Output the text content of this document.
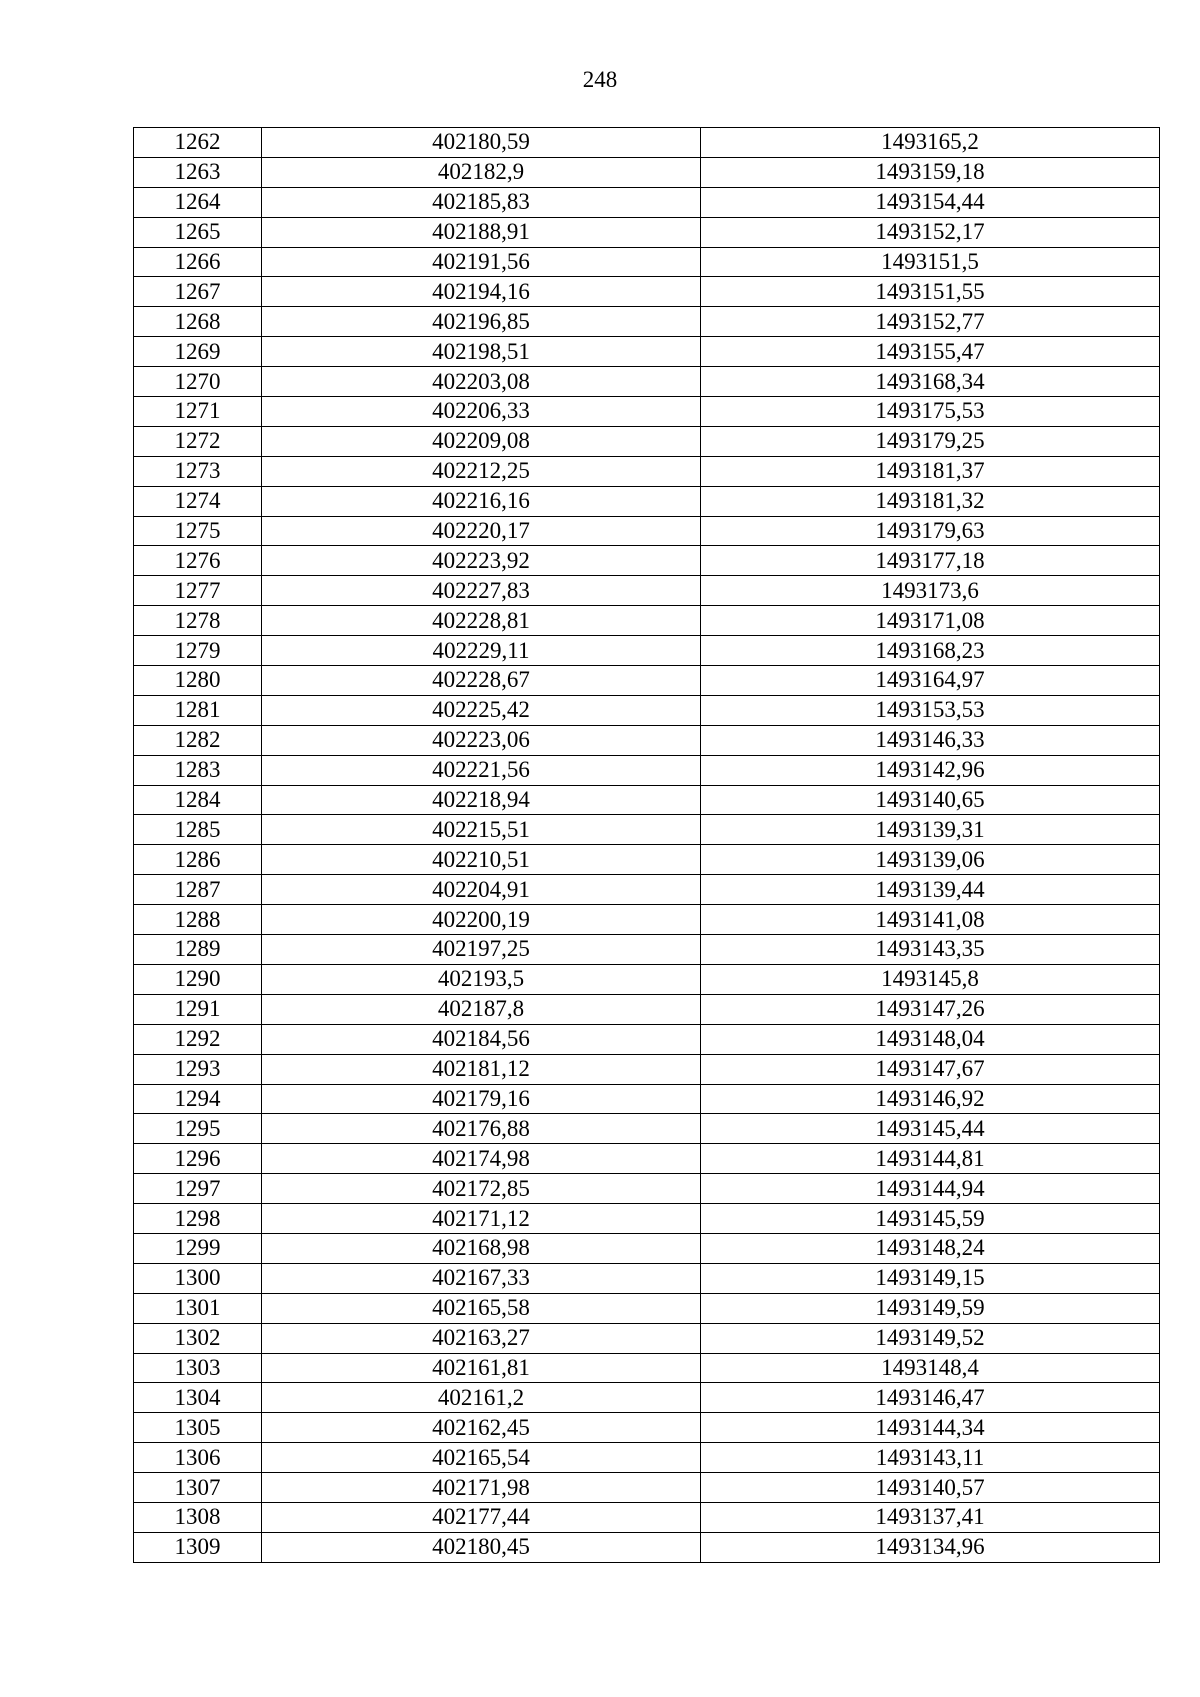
248
1262	402180,59	1493165,2
1263	402182,9	1493159,18
1264	402185,83	1493154,44
1265	402188,91	1493152,17
1266	402191,56	1493151,5
1267	402194,16	1493151,55
1268	402196,85	1493152,77
1269	402198,51	1493155,47
1270	402203,08	1493168,34
1271	402206,33	1493175,53
1272	402209,08	1493179,25
1273	402212,25	1493181,37
1274	402216,16	1493181,32
1275	402220,17	1493179,63
1276	402223,92	1493177,18
1277	402227,83	1493173,6
1278	402228,81	1493171,08
1279	402229,11	1493168,23
1280	402228,67	1493164,97
1281	402225,42	1493153,53
1282	402223,06	1493146,33
1283	402221,56	1493142,96
1284	402218,94	1493140,65
1285	402215,51	1493139,31
1286	402210,51	1493139,06
1287	402204,91	1493139,44
1288	402200,19	1493141,08
1289	402197,25	1493143,35
1290	402193,5	1493145,8
1291	402187,8	1493147,26
1292	402184,56	1493148,04
1293	402181,12	1493147,67
1294	402179,16	1493146,92
1295	402176,88	1493145,44
1296	402174,98	1493144,81
1297	402172,85	1493144,94
1298	402171,12	1493145,59
1299	402168,98	1493148,24
1300	402167,33	1493149,15
1301	402165,58	1493149,59
1302	402163,27	1493149,52
1303	402161,81	1493148,4
1304	402161,2	1493146,47
1305	402162,45	1493144,34
1306	402165,54	1493143,11
1307	402171,98	1493140,57
1308	402177,44	1493137,41
1309	402180,45	1493134,96
